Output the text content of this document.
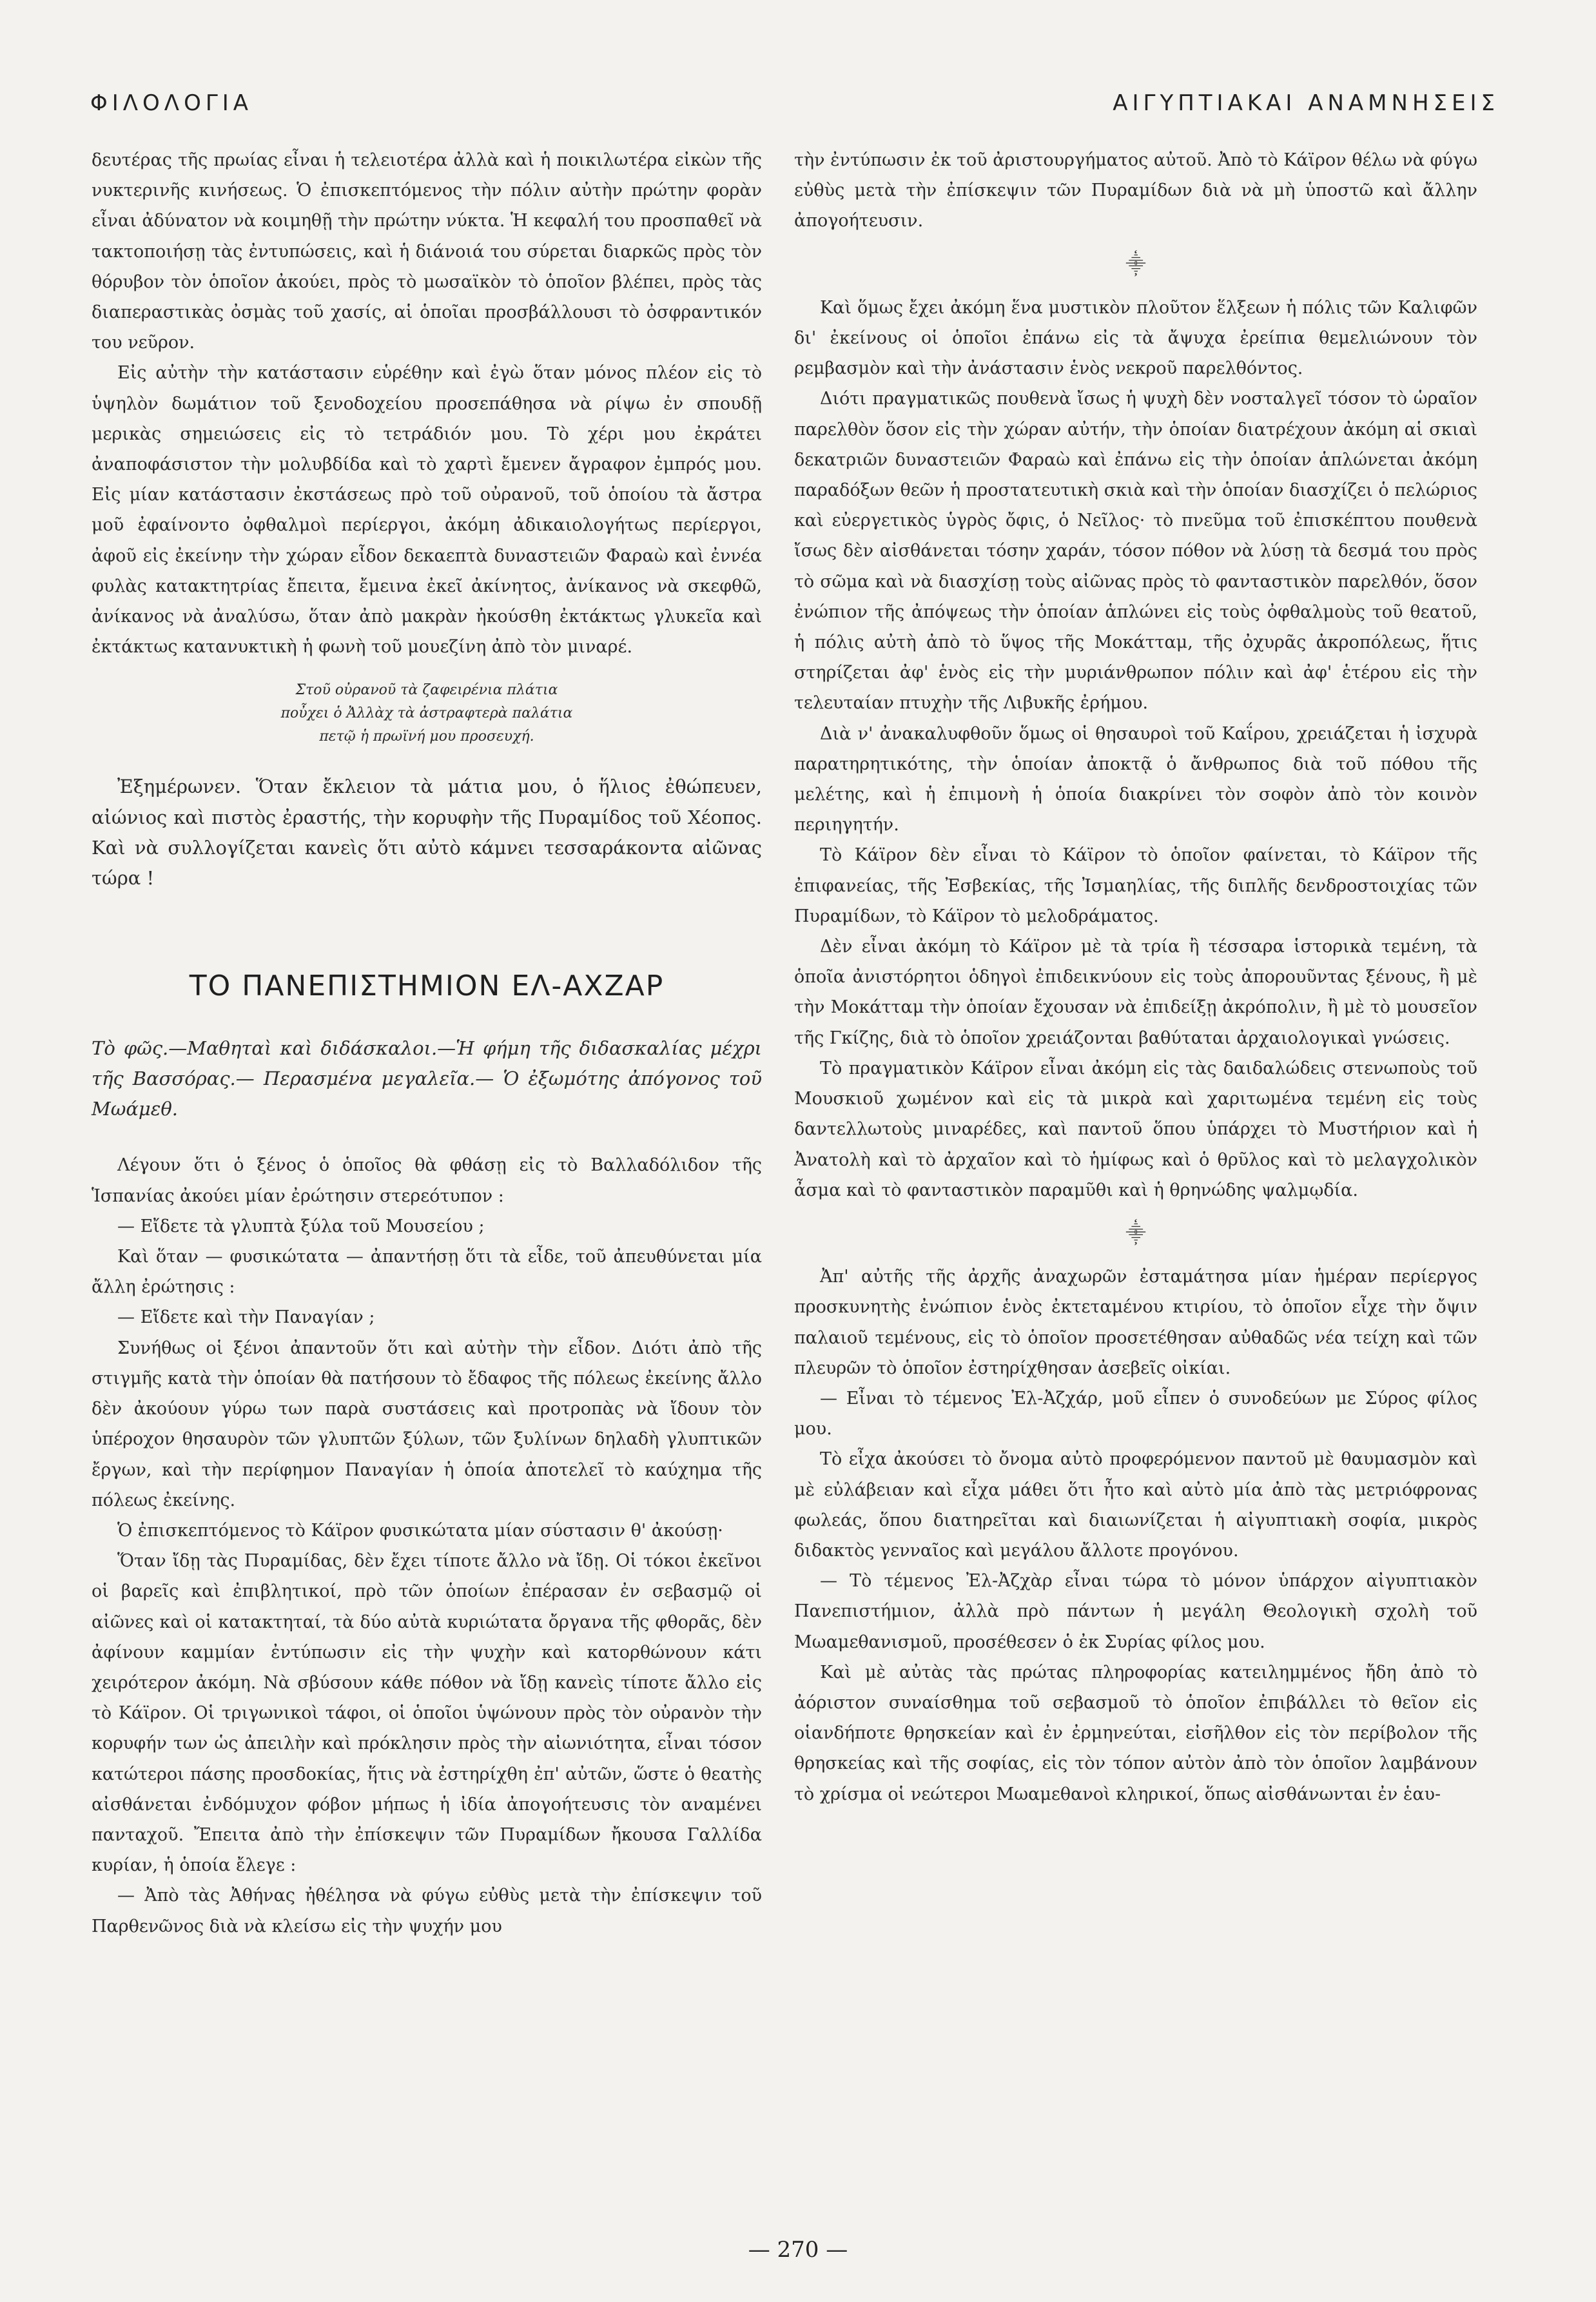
ΦΙΛΟΛΟΓΙΑ	ΑΙΓΥΠΤΙΑΚΑΙ ΑΝΑΜΝΗΣΕΙΣ

δευτέρας τῆς πρωίας εἶναι ἡ τελειοτέρα ἀλλὰ καὶ ἡ ποικιλωτέρα εἰκὼν τῆς νυκτερινῆς κινήσεως. Ὁ ἐπισκεπτόμενος τὴν πόλιν αὐτὴν πρώτην φορὰν εἶναι ἀδύνατον νὰ κοιμηθῇ τὴν πρώτην νύκτα. Ἡ κεφαλή του προσπαθεῖ νὰ τακτοποιήσῃ τὰς ἐντυπώσεις, καὶ ἡ διάνοιά του σύρεται διαρκῶς πρὸς τὸν θόρυβον τὸν ὁποῖον ἀκούει, πρὸς τὸ μωσαϊκὸν τὸ ὁποῖον βλέπει, πρὸς τὰς διαπεραστικὰς ὀσμὰς τοῦ χασίς, αἱ ὁποῖαι προσβάλλουσι τὸ ὀσφραντικόν του νεῦρον.

Εἰς αὐτὴν τὴν κατάστασιν εὑρέθην καὶ ἐγὼ ὅταν μόνος πλέον εἰς τὸ ὑψηλὸν δωμάτιον τοῦ ξενοδοχείου προσεπάθησα νὰ ρίψω ἐν σπουδῇ μερικὰς σημειώσεις εἰς τὸ τετράδιόν μου. Τὸ χέρι μου ἐκράτει ἀναποφάσιστον τὴν μολυβδίδα καὶ τὸ χαρτὶ ἔμενεν ἄγραφον ἐμπρός μου. Εἰς μίαν κατάστασιν ἐκστάσεως πρὸ τοῦ οὐρανοῦ, τοῦ ὁποίου τὰ ἄστρα μοῦ ἐφαίνοντο ὀφθαλμοὶ περίεργοι, ἀκόμη ἀδικαιολογήτως περίεργοι, ἀφοῦ εἰς ἐκείνην τὴν χώραν εἶδον δεκαεπτὰ δυναστειῶν Φαραὼ καὶ ἐννέα φυλὰς κατακτητρίας ἔπειτα, ἔμεινα ἐκεῖ ἀκίνητος, ἀνίκανος νὰ σκεφθῶ, ἀνίκανος νὰ ἀναλύσω, ὅταν ἀπὸ μακρὰν ἠκούσθη ἐκτάκτως γλυκεῖα καὶ ἐκτάκτως κατανυκτικὴ ἡ φωνὴ τοῦ μουεζίνη ἀπὸ τὸν μιναρέ.

Στοῦ οὐρανοῦ τὰ ζαφειρένια πλάτια
ποὖχει ὁ Ἀλλὰχ τὰ ἀστραφτερὰ παλάτια
πετῷ ἡ πρωϊνή μου προσευχή.

Ἐξημέρωνεν. Ὅταν ἔκλειον τὰ μάτια μου, ὁ ἥλιος ἐθώπευεν, αἰώνιος καὶ πιστὸς ἐραστής, τὴν κορυφὴν τῆς Πυραμίδος τοῦ Χέοπος. Καὶ νὰ συλλογίζεται κανεὶς ὅτι αὐτὸ κάμνει τεσσαράκοντα αἰῶνας τώρα !

ΤΟ ΠΑΝΕΠΙΣΤΗΜΙΟΝ ΕΛ-ΑΧΖΑΡ

Τὸ φῶς.—Μαθηταὶ καὶ διδάσκαλοι.—Ἡ φήμη τῆς διδασκαλίας μέχρι τῆς Βασσόρας.— Περασμένα μεγαλεῖα.— Ὁ ἐξωμότης ἀπόγονος τοῦ Μωάμεθ.

Λέγουν ὅτι ὁ ξένος ὁ ὁποῖος θὰ φθάσῃ εἰς τὸ Βαλλαδόλιδον τῆς Ἱσπανίας ἀκούει μίαν ἐρώτησιν στερεότυπον :

— Εἴδετε τὰ γλυπτὰ ξύλα τοῦ Μουσείου ;

Καὶ ὅταν — φυσικώτατα — ἀπαντήσῃ ὅτι τὰ εἶδε, τοῦ ἀπευθύνεται μία ἄλλη ἐρώτησις :

— Εἴδετε καὶ τὴν Παναγίαν ;

Συνήθως οἱ ξένοι ἀπαντοῦν ὅτι καὶ αὐτὴν τὴν εἶδον. Διότι ἀπὸ τῆς στιγμῆς κατὰ τὴν ὁποίαν θὰ πατήσουν τὸ ἔδαφος τῆς πόλεως ἐκείνης ἄλλο δὲν ἀκούουν γύρω των παρὰ συστάσεις καὶ προτροπὰς νὰ ἴδουν τὸν ὑπέροχον θησαυρὸν τῶν γλυπτῶν ξύλων, τῶν ξυλίνων δηλαδὴ γλυπτικῶν ἔργων, καὶ τὴν περίφημον Παναγίαν ἡ ὁποία ἀποτελεῖ τὸ καύχημα τῆς πόλεως ἐκείνης.

Ὁ ἐπισκεπτόμενος τὸ Κάϊρον φυσικώτατα μίαν σύστασιν θ' ἀκούσῃ·

Ὅταν ἴδῃ τὰς Πυραμίδας, δὲν ἔχει τίποτε ἄλλο νὰ ἴδῃ. Οἱ τόκοι ἐκεῖνοι οἱ βαρεῖς καὶ ἐπιβλητικοί, πρὸ τῶν ὁποίων ἐπέρασαν ἐν σεβασμῷ οἱ αἰῶνες καὶ οἱ κατακτηταί, τὰ δύο αὐτὰ κυριώτατα ὄργανα τῆς φθορᾶς, δὲν ἀφίνουν καμμίαν ἐντύπωσιν εἰς τὴν ψυχὴν καὶ κατορθώνουν κάτι χειρότερον ἀκόμη. Νὰ σβύσουν κάθε πόθον νὰ ἴδῃ κανεὶς τίποτε ἄλλο εἰς τὸ Κάϊρον. Οἱ τριγωνικοὶ τάφοι, οἱ ὁποῖοι ὑψώνουν πρὸς τὸν οὐρανὸν τὴν κορυφήν των ὡς ἀπειλὴν καὶ πρόκλησιν πρὸς τὴν αἰωνιότητα, εἶναι τόσον κατώτεροι πάσης προσδοκίας, ἥτις νὰ ἐστηρίχθη ἐπ' αὐτῶν, ὥστε ὁ θεατὴς αἰσθάνεται ἐνδόμυχον φόβον μήπως ἡ ἰδία ἀπογοήτευσις τὸν αναμένει πανταχοῦ. Ἔπειτα ἀπὸ τὴν ἐπίσκεψιν τῶν Πυραμίδων ἤκουσα Γαλλίδα κυρίαν, ἡ ὁποία ἔλεγε :

— Ἀπὸ τὰς Ἀθήνας ἠθέλησα νὰ φύγω εὐθὺς μετὰ τὴν ἐπίσκεψιν τοῦ Παρθενῶνος διὰ νὰ κλείσω εἰς τὴν ψυχήν μου

τὴν ἐντύπωσιν ἐκ τοῦ ἀριστουργήματος αὐτοῦ. Ἀπὸ τὸ Κάϊρον θέλω νὰ φύγω εὐθὺς μετὰ τὴν ἐπίσκεψιν τῶν Πυραμίδων διὰ νὰ μὴ ὑποστῶ καὶ ἄλλην ἀπογοήτευσιν.

⸎

Καὶ ὅμως ἔχει ἀκόμη ἕνα μυστικὸν πλοῦτον ἕλξεων ἡ πόλις τῶν Καλιφῶν δι' ἐκείνους οἱ ὁποῖοι ἐπάνω εἰς τὰ ἄψυχα ἐρείπια θεμελιώνουν τὸν ρεμβασμὸν καὶ τὴν ἀνάστασιν ἑνὸς νεκροῦ παρελθόντος.

Διότι πραγματικῶς πουθενὰ ἴσως ἡ ψυχὴ δὲν νοσταλγεῖ τόσον τὸ ὡραῖον παρελθὸν ὅσον εἰς τὴν χώραν αὐτήν, τὴν ὁποίαν διατρέχουν ἀκόμη αἱ σκιαὶ δεκατριῶν δυναστειῶν Φαραὼ καὶ ἐπάνω εἰς τὴν ὁποίαν ἁπλώνεται ἀκόμη παραδόξων θεῶν ἡ προστατευτικὴ σκιὰ καὶ τὴν ὁποίαν διασχίζει ὁ πελώριος καὶ εὐεργετικὸς ὑγρὸς ὄφις, ὁ Νεῖλος· τὸ πνεῦμα τοῦ ἐπισκέπτου πουθενὰ ἴσως δὲν αἰσθάνεται τόσην χαράν, τόσον πόθον νὰ λύσῃ τὰ δεσμά του πρὸς τὸ σῶμα καὶ νὰ διασχίσῃ τοὺς αἰῶνας πρὸς τὸ φανταστικὸν παρελθόν, ὅσον ἐνώπιον τῆς ἀπόψεως τὴν ὁποίαν ἁπλώνει εἰς τοὺς ὀφθαλμοὺς τοῦ θεατοῦ, ἡ πόλις αὐτὴ ἀπὸ τὸ ὕψος τῆς Μοκάτταμ, τῆς ὀχυρᾶς ἀκροπόλεως, ἥτις στηρίζεται ἀφ' ἑνὸς εἰς τὴν μυριάνθρωπον πόλιν καὶ ἀφ' ἑτέρου εἰς τὴν τελευταίαν πτυχὴν τῆς Λιβυκῆς ἐρήμου.

Διὰ ν' ἀνακαλυφθοῦν ὅμως οἱ θησαυροὶ τοῦ Καΐρου, χρειάζεται ἡ ἰσχυρὰ παρατηρητικότης, τὴν ὁποίαν ἀποκτᾷ ὁ ἄνθρωπος διὰ τοῦ πόθου τῆς μελέτης, καὶ ἡ ἐπιμονὴ ἡ ὁποία διακρίνει τὸν σοφὸν ἀπὸ τὸν κοινὸν περιηγητήν.

Τὸ Κάϊρον δὲν εἶναι τὸ Κάϊρον τὸ ὁποῖον φαίνεται, τὸ Κάϊρον τῆς ἐπιφανείας, τῆς Ἐσβεκίας, τῆς Ἰσμαηλίας, τῆς διπλῆς δενδροστοιχίας τῶν Πυραμίδων, τὸ Κάϊρον τὸ μελοδράματος.

Δὲν εἶναι ἀκόμη τὸ Κάϊρον μὲ τὰ τρία ἢ τέσσαρα ἱστορικὰ τεμένη, τὰ ὁποῖα ἀνιστόρητοι ὁδηγοὶ ἐπιδεικνύουν εἰς τοὺς ἀπορουῦντας ξένους, ἢ μὲ τὴν Μοκάτταμ τὴν ὁποίαν ἔχουσαν νὰ ἐπιδείξῃ ἀκρόπολιν, ἢ μὲ τὸ μουσεῖον τῆς Γκίζης, διὰ τὸ ὁποῖον χρειάζονται βαθύταται ἀρχαιολογικαὶ γνώσεις.

Τὸ πραγματικὸν Κάϊρον εἶναι ἀκόμη εἰς τὰς δαιδαλώδεις στενωποὺς τοῦ Μουσκιοῦ χωμένον καὶ εἰς τὰ μικρὰ καὶ χαριτωμένα τεμένη εἰς τοὺς δαντελλωτοὺς μιναρέδες, καὶ παντοῦ ὅπου ὑπάρχει τὸ Μυστήριον καὶ ἡ Ἀνατολὴ καὶ τὸ ἀρχαῖον καὶ τὸ ἡμίφως καὶ ὁ θρῦλος καὶ τὸ μελαγχολικὸν ἆσμα καὶ τὸ φανταστικὸν παραμῦθι καὶ ἡ θρηνώδης ψαλμῳδία.

⸎

Ἀπ' αὐτῆς τῆς ἀρχῆς ἀναχωρῶν ἐσταμάτησα μίαν ἡμέραν περίεργος προσκυνητὴς ἐνώπιον ἑνὸς ἐκτεταμένου κτιρίου, τὸ ὁποῖον εἶχε τὴν ὄψιν παλαιοῦ τεμένους, εἰς τὸ ὁποῖον προσετέθησαν αὐθαδῶς νέα τείχη καὶ τῶν πλευρῶν τὸ ὁποῖον ἐστηρίχθησαν ἀσεβεῖς οἰκίαι.

— Εἶναι τὸ τέμενος Ἐλ-Ἀζχάρ, μοῦ εἶπεν ὁ συνοδεύων με Σύρος φίλος μου.

Τὸ εἶχα ἀκούσει τὸ ὄνομα αὐτὸ προφερόμενον παντοῦ μὲ θαυμασμὸν καὶ μὲ εὐλάβειαν καὶ εἶχα μάθει ὅτι ἦτο καὶ αὐτὸ μία ἀπὸ τὰς μετριόφρονας φωλεάς, ὅπου διατηρεῖται καὶ διαιωνίζεται ἡ αἰγυπτιακὴ σοφία, μικρὸς διδακτὸς γενναῖος καὶ μεγάλου ἄλλοτε προγόνου.

— Τὸ τέμενος Ἐλ-Ἀζχὰρ εἶναι τώρα τὸ μόνον ὑπάρχον αἰγυπτιακὸν Πανεπιστήμιον, ἀλλὰ πρὸ πάντων ἡ μεγάλη Θεολογικὴ σχολὴ τοῦ Μωαμεθανισμοῦ, προσέθεσεν ὁ ἐκ Συρίας φίλος μου.

Καὶ μὲ αὐτὰς τὰς πρώτας πληροφορίας κατειλημμένος ἤδη ἀπὸ τὸ ἀόριστον συναίσθημα τοῦ σεβασμοῦ τὸ ὁποῖον ἐπιβάλλει τὸ θεῖον εἰς οἱανδήποτε θρησκείαν καὶ ἐν ἐρμηνεύται, εἰσῆλθον εἰς τὸν περίβολον τῆς θρησκείας καὶ τῆς σοφίας, εἰς τὸν τόπον αὐτὸν ἀπὸ τὸν ὁποῖον λαμβάνουν τὸ χρίσμα οἱ νεώτεροι Μωαμεθανοὶ κληρικοί, ὅπως αἰσθάνωνται ἐν ἑαυ-

— 270 —
